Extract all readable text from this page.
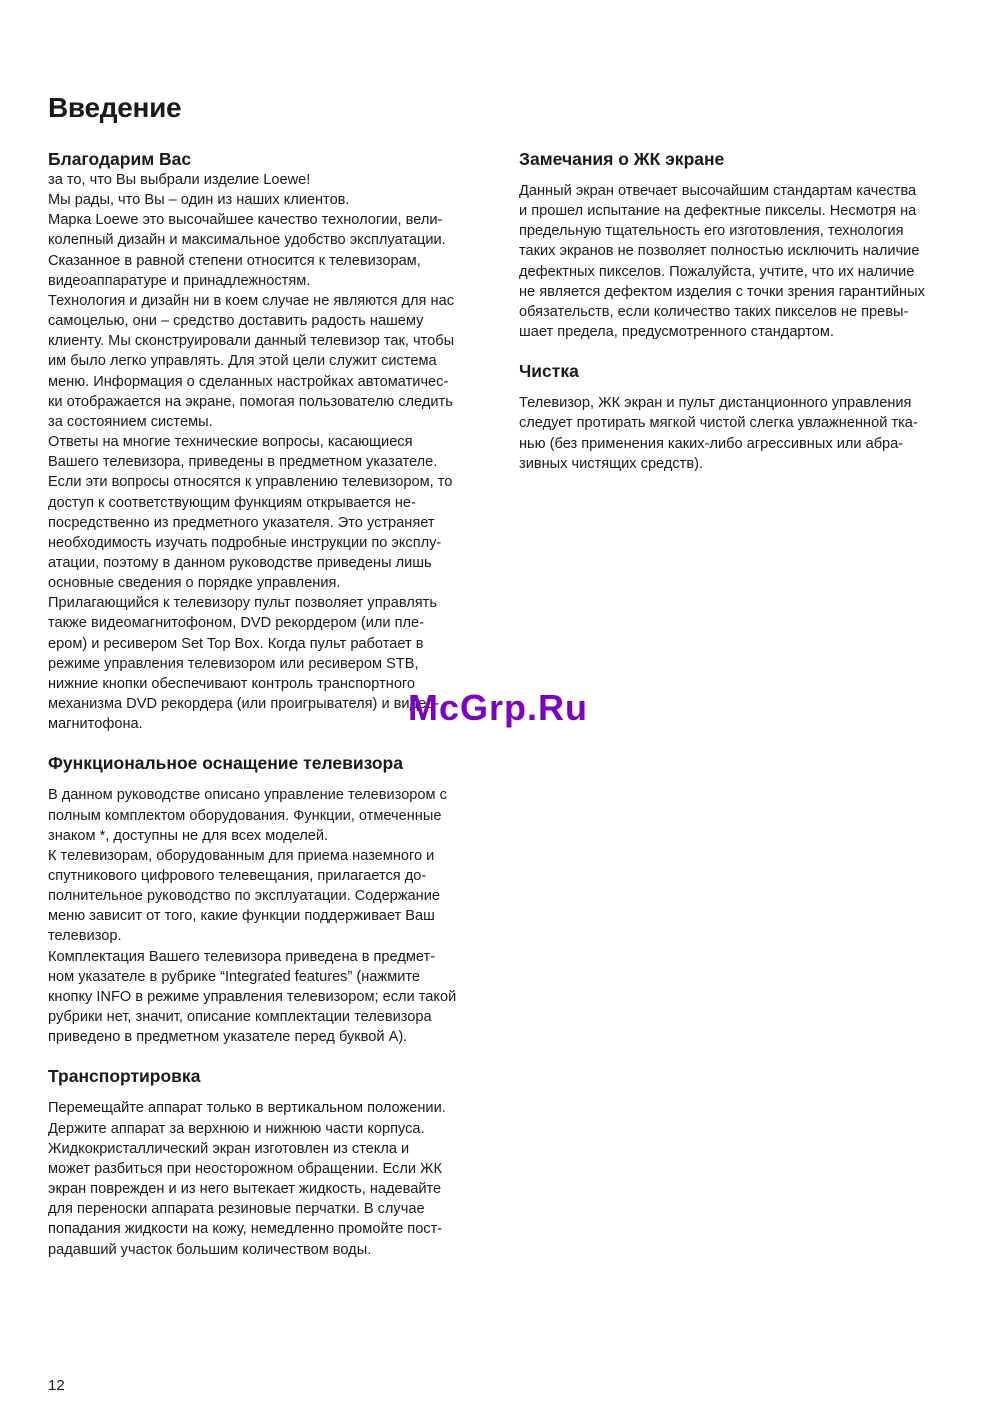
Введение
Благодарим Вас

за то, что Вы выбрали изделие Loewe!
Мы рады, что Вы – один из наших клиентов.
Марка Loewe это высочайшее качество технологии, вели-
колепный дизайн и максимальное удобство эксплуатации.
Сказанное в равной степени относится к телевизорам,
видеоаппаратуре и принадлежностям.
Технология и дизайн ни в коем случае не являются для нас
самоцелью, они – средство доставить радость нашему
клиенту. Мы сконструировали данный телевизор так, чтобы
им было легко управлять. Для этой цели служит система
меню. Информация о сделанных настройках автоматичес-
ки отображается на экране, помогая пользователю следить
за состоянием системы.
Ответы на многие технические вопросы, касающиеся
Вашего телевизора, приведены в предметном указателе.
Если эти вопросы относятся к управлению телевизором, то
доступ к соответствующим функциям открывается не-
посредственно из предметного указателя. Это устраняет
необходимость изучать подробные инструкции по эксплу-
атации, поэтому в данном руководстве приведены лишь
основные сведения о порядке управления.
Прилагающийся к телевизору пульт позволяет управлять
также видеомагнитофоном, DVD рекордером (или пле-
ером) и ресивером Set Top Box. Когда пульт работает в
режиме управления телевизором или ресивером STB,
нижние кнопки обеспечивают контроль транспортного
механизма DVD рекордера (или проигрывателя) и видео-
магнитофона.

Функциональное оснащение телевизора

В данном руководстве описано управление телевизором с
полным комплектом оборудования. Функции, отмеченные
знаком *, доступны не для всех моделей.
К телевизорам, оборудованным для приема наземного и
спутникового цифрового телевещания, прилагается до-
полнительное руководство по эксплуатации. Содержание
меню зависит от того, какие функции поддерживает Ваш
телевизор.
Комплектация Вашего телевизора приведена в предмет-
ном указателе в рубрике “Integrated features” (нажмите
кнопку INFO в режиме управления телевизором; если такой
рубрики нет, значит, описание комплектации телевизора
приведено в предметном указателе перед буквой А).

Транспортировка

Перемещайте аппарат только в вертикальном положении.
Держите аппарат за верхнюю и нижнюю части корпуса.
Жидкокристаллический экран изготовлен из стекла и
может разбиться при неосторожном обращении. Если ЖК
экран поврежден и из него вытекает жидкость, надевайте
для переноски аппарата резиновые перчатки. В случае
попадания жидкости на кожу, немедленно промойте пост-
радавший участок большим количеством воды.

Замечания о ЖК экране

Данный экран отвечает высочайшим стандартам качества
и прошел испытание на дефектные пикселы. Несмотря на
предельную тщательность его изготовления, технология
таких экранов не позволяет полностью исключить наличие
дефектных пикселов. Пожалуйста, учтите, что их наличие
не является дефектом изделия с точки зрения гарантийных
обязательств, если количество таких пикселов не превы-
шает предела, предусмотренного стандартом.

Чистка

Телевизор, ЖК экран и пульт дистанционного управления
следует протирать мягкой чистой слегка увлажненной тка-
нью (без применения каких-либо агрессивных или абра-
зивных чистящих средств).

McGrp.Ru
12
